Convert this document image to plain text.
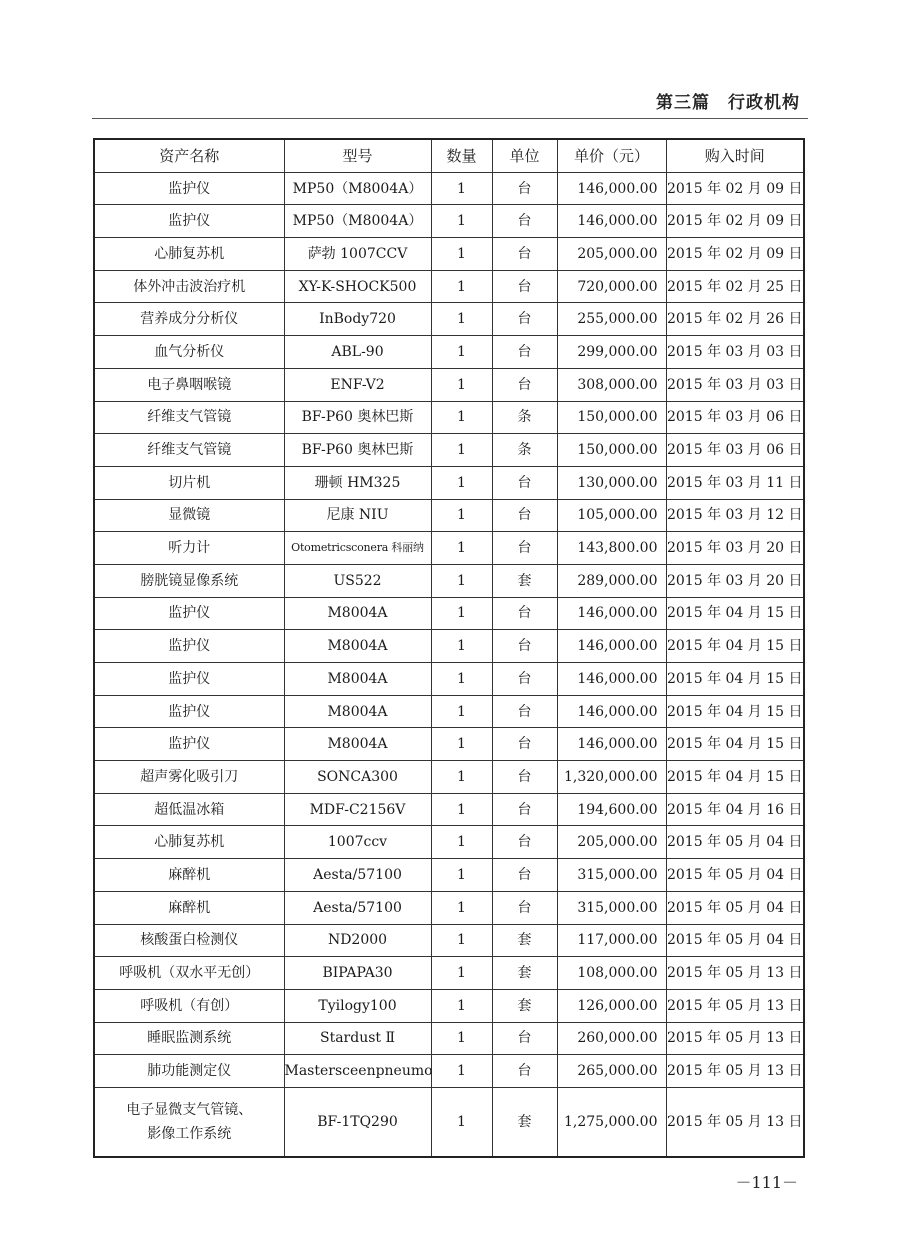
第三篇　行政机构
资产名称	型号	数量	单位	单价（元）	购入时间
监护仪	MP50（M8004A）	1	台	146,000.00	2015 年 02 月 09 日
监护仪	MP50（M8004A）	1	台	146,000.00	2015 年 02 月 09 日
心肺复苏机	萨勃 1007CCV	1	台	205,000.00	2015 年 02 月 09 日
体外冲击波治疗机	XY-K-SHOCK500	1	台	720,000.00	2015 年 02 月 25 日
营养成分分析仪	InBody720	1	台	255,000.00	2015 年 02 月 26 日
血气分析仪	ABL-90	1	台	299,000.00	2015 年 03 月 03 日
电子鼻咽喉镜	ENF-V2	1	台	308,000.00	2015 年 03 月 03 日
纤维支气管镜	BF-P60 奥林巴斯	1	条	150,000.00	2015 年 03 月 06 日
纤维支气管镜	BF-P60 奥林巴斯	1	条	150,000.00	2015 年 03 月 06 日
切片机	珊顿 HM325	1	台	130,000.00	2015 年 03 月 11 日
显微镜	尼康 NIU	1	台	105,000.00	2015 年 03 月 12 日
听力计	Otometricsconera 科丽纳	1	台	143,800.00	2015 年 03 月 20 日
膀胱镜显像系统	US522	1	套	289,000.00	2015 年 03 月 20 日
监护仪	M8004A	1	台	146,000.00	2015 年 04 月 15 日
监护仪	M8004A	1	台	146,000.00	2015 年 04 月 15 日
监护仪	M8004A	1	台	146,000.00	2015 年 04 月 15 日
监护仪	M8004A	1	台	146,000.00	2015 年 04 月 15 日
监护仪	M8004A	1	台	146,000.00	2015 年 04 月 15 日
超声雾化吸引刀	SONCA300	1	台	1,320,000.00	2015 年 04 月 15 日
超低温冰箱	MDF-C2156V	1	台	194,600.00	2015 年 04 月 16 日
心肺复苏机	1007ccv	1	台	205,000.00	2015 年 05 月 04 日
麻醉机	Aesta/57100	1	台	315,000.00	2015 年 05 月 04 日
麻醉机	Aesta/57100	1	台	315,000.00	2015 年 05 月 04 日
核酸蛋白检测仪	ND2000	1	套	117,000.00	2015 年 05 月 04 日
呼吸机（双水平无创）	BIPAPA30	1	套	108,000.00	2015 年 05 月 13 日
呼吸机（有创）	Tyilogy100	1	套	126,000.00	2015 年 05 月 13 日
睡眠监测系统	Stardust Ⅱ	1	台	260,000.00	2015 年 05 月 13 日
肺功能测定仪	Mastersceenpneumo	1	台	265,000.00	2015 年 05 月 13 日

电子显微支气管镜、
影像工作系统	BF-1TQ290	1	套	1,275,000.00	2015 年 05 月 13 日
－111－
